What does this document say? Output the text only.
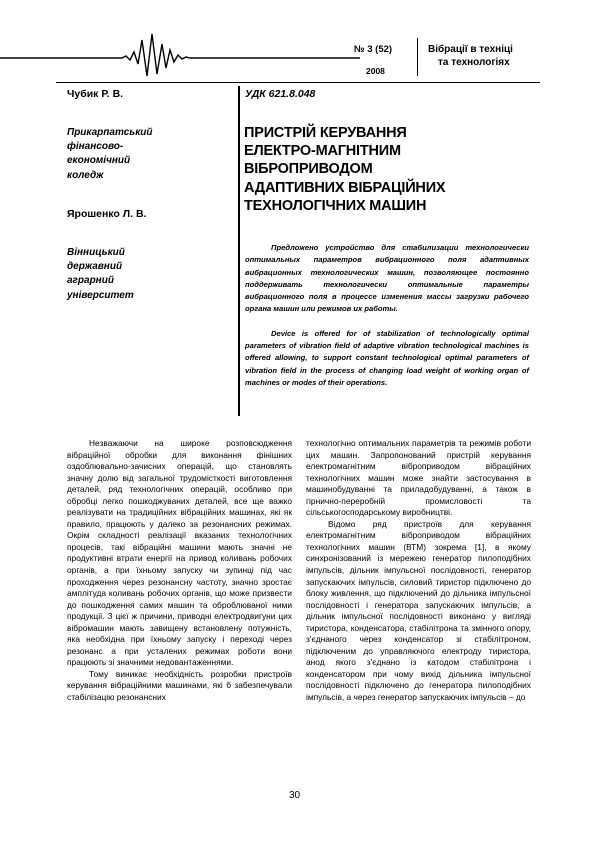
№ 3 (52)
2008
Вібрації в техніці
та технологіях
Чубик Р. В.
Прикарпатський
фінансово-
економічний
коледж
Ярошенко Л. В.
Вінницький
державний
аграрний
університет
УДК 621.8.048
ПРИСТРІЙ КЕРУВАННЯ
ЕЛЕКТРО-МАГНІТНИМ
ВІБРОПРИВОДОМ
АДАПТИВНИХ ВІБРАЦІЙНИХ
ТЕХНОЛОГІЧНИХ МАШИН

Предложено устройство для стабилизации технологически оптимальных параметров вибрационного поля адаптивных вибрационных технологических машин, позволяющее постоянно поддерживать технологически оптимальные параметры вибрационного поля в процессе изменения массы загрузки рабочего органа машин или режимов их работы.

Device is offered for of stabilization of technologically optimal parameters of vibration field of adaptive vibration technological machines is offered allowing, to support constant technological optimal parameters of vibration field in the process of changing load weight of working organ of machines or modes of their operations.

Незважаючи на широке розповсюдження вібраційної обробки для виконання фінішних оздоблювально-зачисних операцій, що становлять значну долю від загальної трудомісткості виготовлення деталей, ряд технологічних операцій, особливо при обробці легко пошкоджуваних деталей, все ще важко реалізувати на традиційних вібраційних машинах, які як правило, працюють у далеко за резонансних режимах. Окрім складності реалізації вказаних технологічних процесів, такі вібраційні машини мають значні не продуктивні втрати енергії на привод коливань робочих органів, а при їхньому запуску чи зупинці під час проходження через резонансну частоту, значно зростає амплітуда коливань робочих органів, що може призвести до пошкодження самих машин та оброблюваної ними продукції. З цієї ж причини, приводні електродвигуни цих вібромашин мають завищену встановлену потужність, яка необхідна при їхньому запуску і переході через резонанс а при усталених режимах роботи вони працюють зі значними недовантаженнями.

Тому виникає необхідність розробки пристроїв керування вібраційними машинами, які б забезпечували стабілізацію резонансних

технологічно оптимальних параметрів та режимів роботи цих машин. Запропонований пристрій керування електромагнітним віброприводом вібраційних технологічних машин може знайти застосування в машинобудуванні та приладобудуванні, а також в гірнично-переробній промисловості та сільськогосподарському виробництві.

Відомо ряд пристроїв для керування електромагнітним віброприводом вібраційних технологічних машин (ВТМ) зокрема [1], в якому синхронізований із мережею генератор пилоподібних імпульсів, дільник імпульсної послідовності, генератор запускаючих імпульсів, силовий тиристор підключено до блоку живлення, що підключений до дільника імпульсної послідовності і генератора запускаючих імпульсів, а дільник імпульсної послідовності виконано у вигляді тиристора, конденсатора, стабілітрона та змінного опору, з'єднаного через конденсатор зі стабілітроном, підключеним до управляючого електроду тиристора, анод якого з'єднано із катодом стабілітрона і конденсатором при чому вихід дільника імпульсної послідовності підключено до генератора пилоподібних імпульсів, а через генератор запускаючих імпульсів – до

30
